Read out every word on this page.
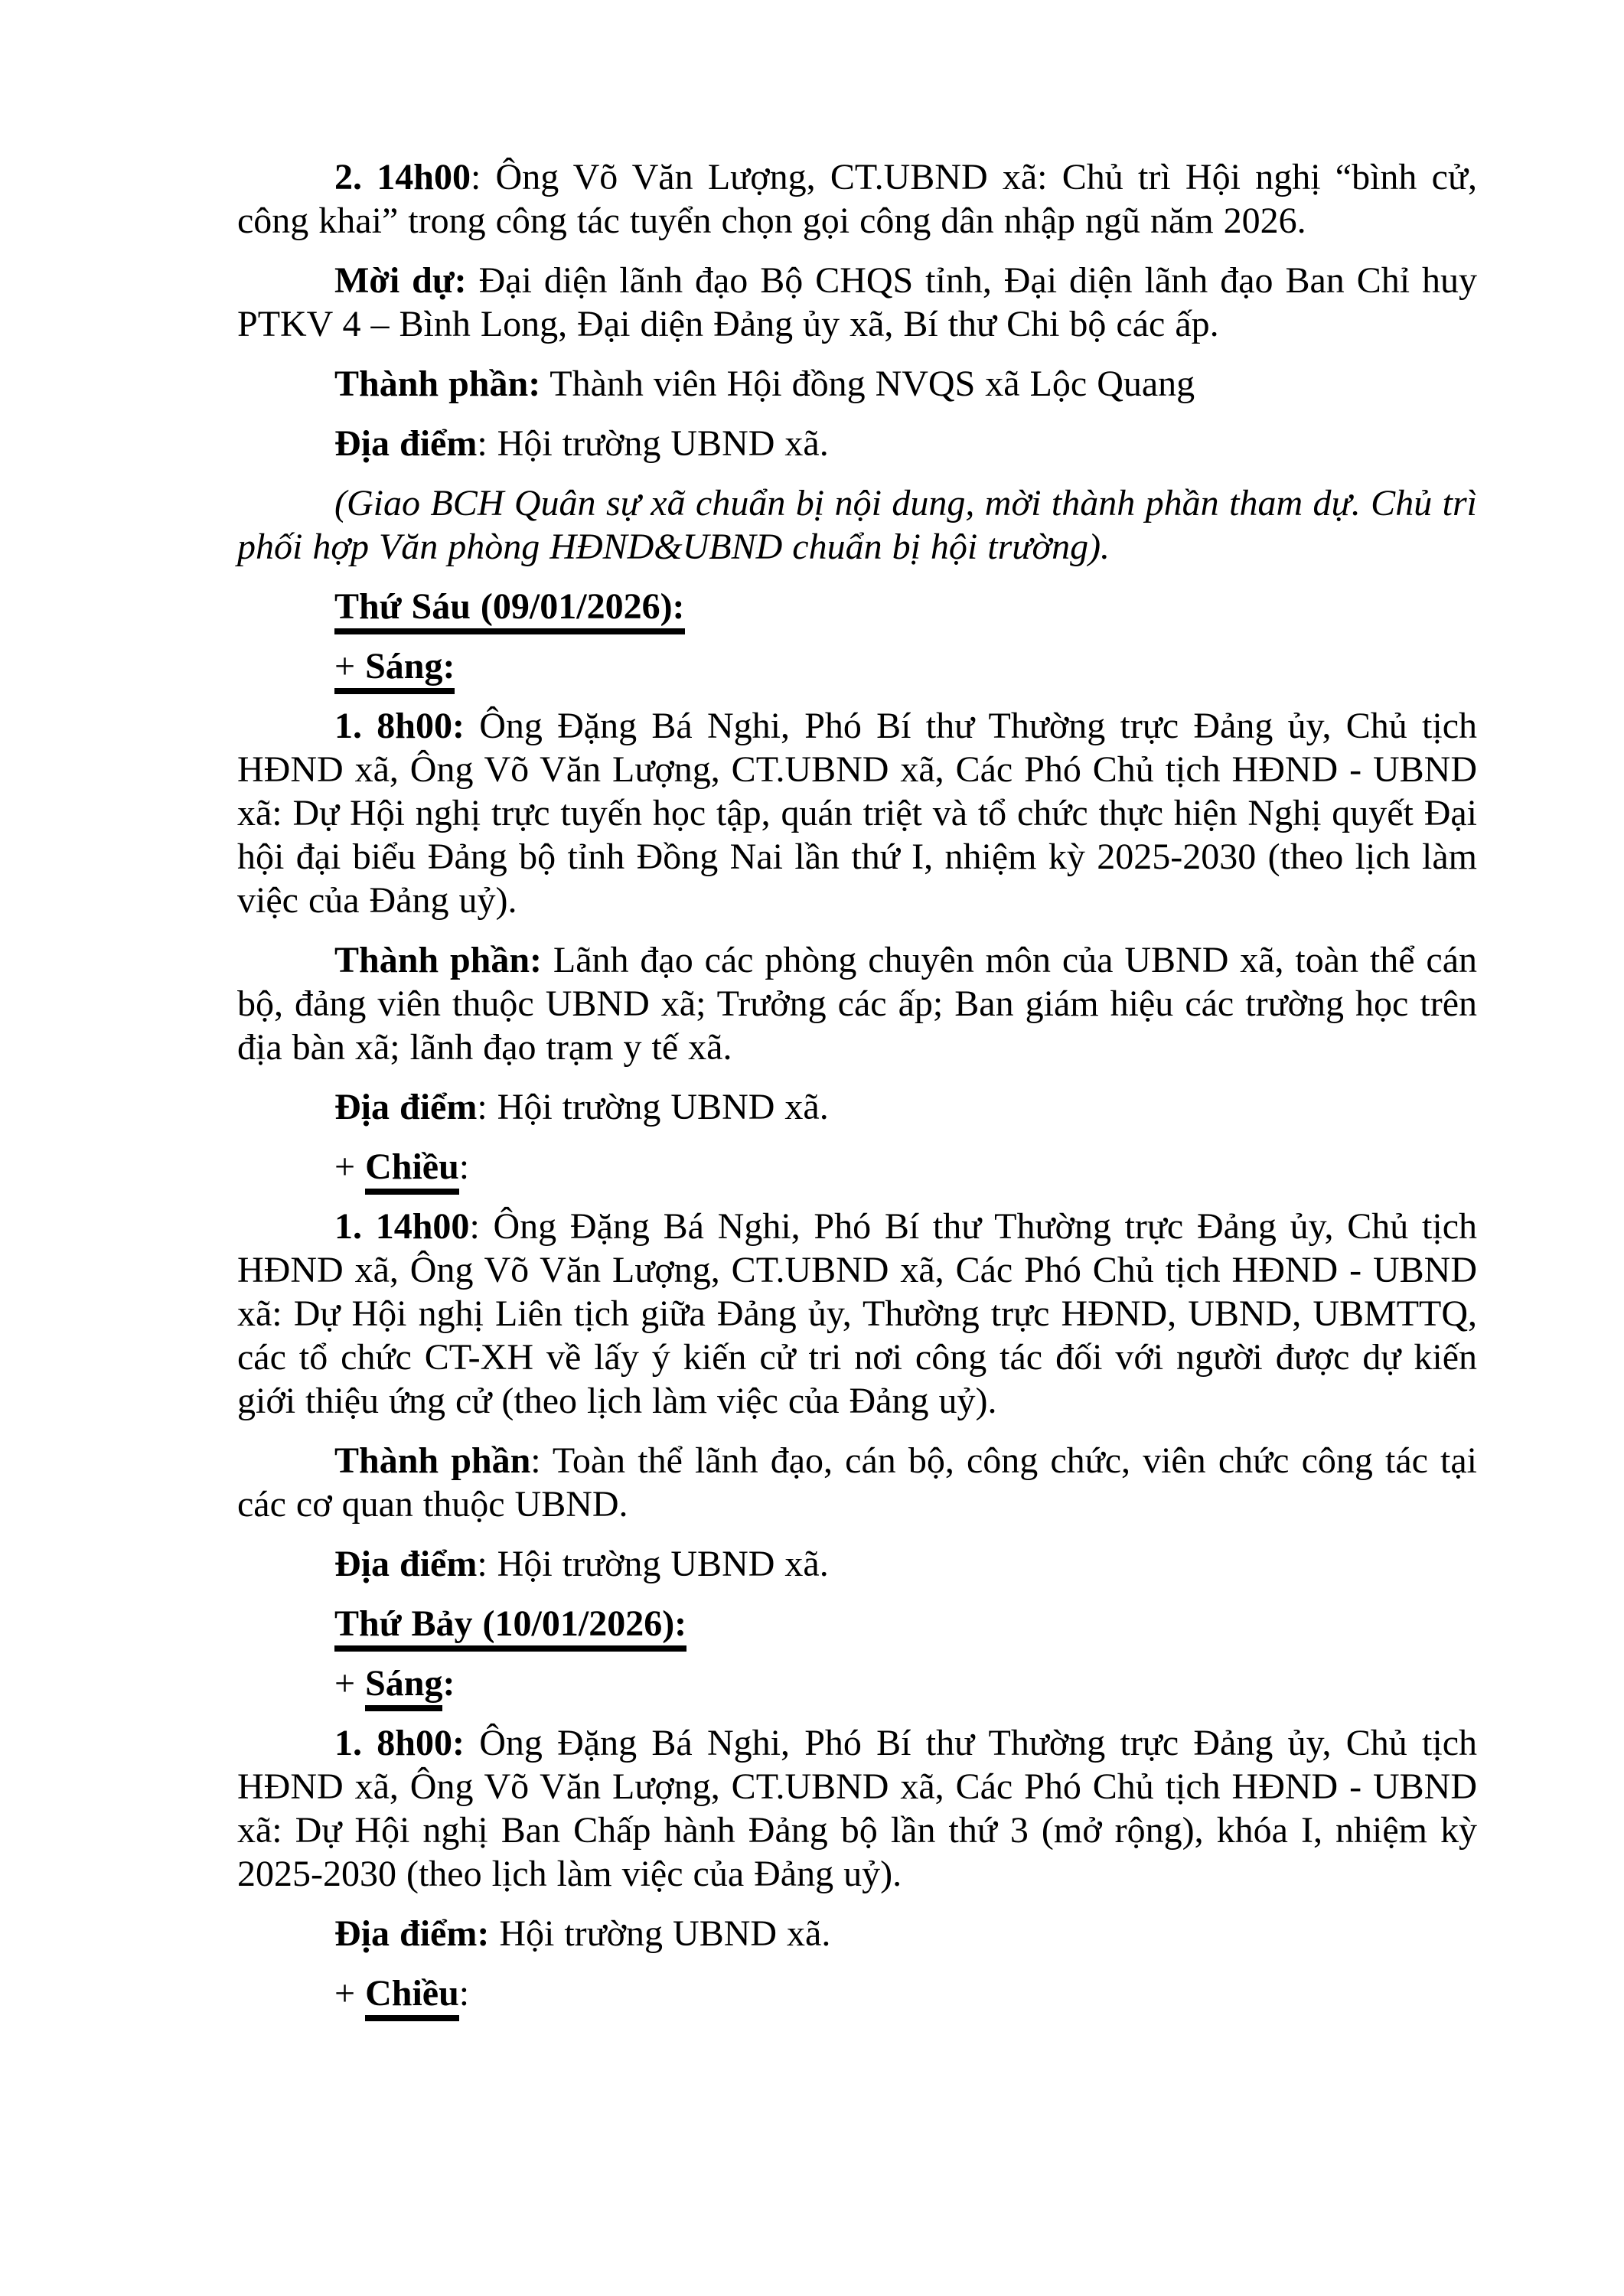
2. 14h00: Ông Võ Văn Lượng, CT.UBND xã: Chủ trì Hội nghị “bình cử, công khai” trong công tác tuyển chọn gọi công dân nhập ngũ năm 2026.

Mời dự: Đại diện lãnh đạo Bộ CHQS tỉnh, Đại diện lãnh đạo Ban Chỉ huy PTKV 4 – Bình Long, Đại diện Đảng ủy xã, Bí thư Chi bộ các ấp.

Thành phần: Thành viên Hội đồng NVQS xã Lộc Quang

Địa điểm: Hội trường UBND xã.

(Giao BCH Quân sự xã chuẩn bị nội dung, mời thành phần tham dự. Chủ trì phối hợp Văn phòng HĐND&UBND chuẩn bị hội trường).

Thứ Sáu (09/01/2026):

+ Sáng:

1. 8h00: Ông Đặng Bá Nghi, Phó Bí thư Thường trực Đảng ủy, Chủ tịch HĐND xã, Ông Võ Văn Lượng, CT.UBND xã, Các Phó Chủ tịch HĐND - UBND xã: Dự Hội nghị trực tuyến học tập, quán triệt và tổ chức thực hiện Nghị quyết Đại hội đại biểu Đảng bộ tỉnh Đồng Nai lần thứ I, nhiệm kỳ 2025-2030 (theo lịch làm việc của Đảng uỷ).

Thành phần: Lãnh đạo các phòng chuyên môn của UBND xã, toàn thể cán bộ, đảng viên thuộc UBND xã; Trưởng các ấp; Ban giám hiệu các trường học trên địa bàn xã; lãnh đạo trạm y tế xã.

Địa điểm: Hội trường UBND xã.

+ Chiều:

1. 14h00: Ông Đặng Bá Nghi, Phó Bí thư Thường trực Đảng ủy, Chủ tịch HĐND xã, Ông Võ Văn Lượng, CT.UBND xã, Các Phó Chủ tịch HĐND - UBND xã: Dự Hội nghị Liên tịch giữa Đảng ủy, Thường trực HĐND, UBND, UBMTTQ, các tổ chức CT-XH về lấy ý kiến cử tri nơi công tác đối với người được dự kiến giới thiệu ứng cử (theo lịch làm việc của Đảng uỷ).

Thành phần: Toàn thể lãnh đạo, cán bộ, công chức, viên chức công tác tại các cơ quan thuộc UBND.

Địa điểm: Hội trường UBND xã.

Thứ Bảy (10/01/2026):

+ Sáng:

1. 8h00: Ông Đặng Bá Nghi, Phó Bí thư Thường trực Đảng ủy, Chủ tịch HĐND xã, Ông Võ Văn Lượng, CT.UBND xã, Các Phó Chủ tịch HĐND - UBND xã: Dự Hội nghị Ban Chấp hành Đảng bộ lần thứ 3 (mở rộng), khóa I, nhiệm kỳ 2025-2030 (theo lịch làm việc của Đảng uỷ).

Địa điểm: Hội trường UBND xã.

+ Chiều:
